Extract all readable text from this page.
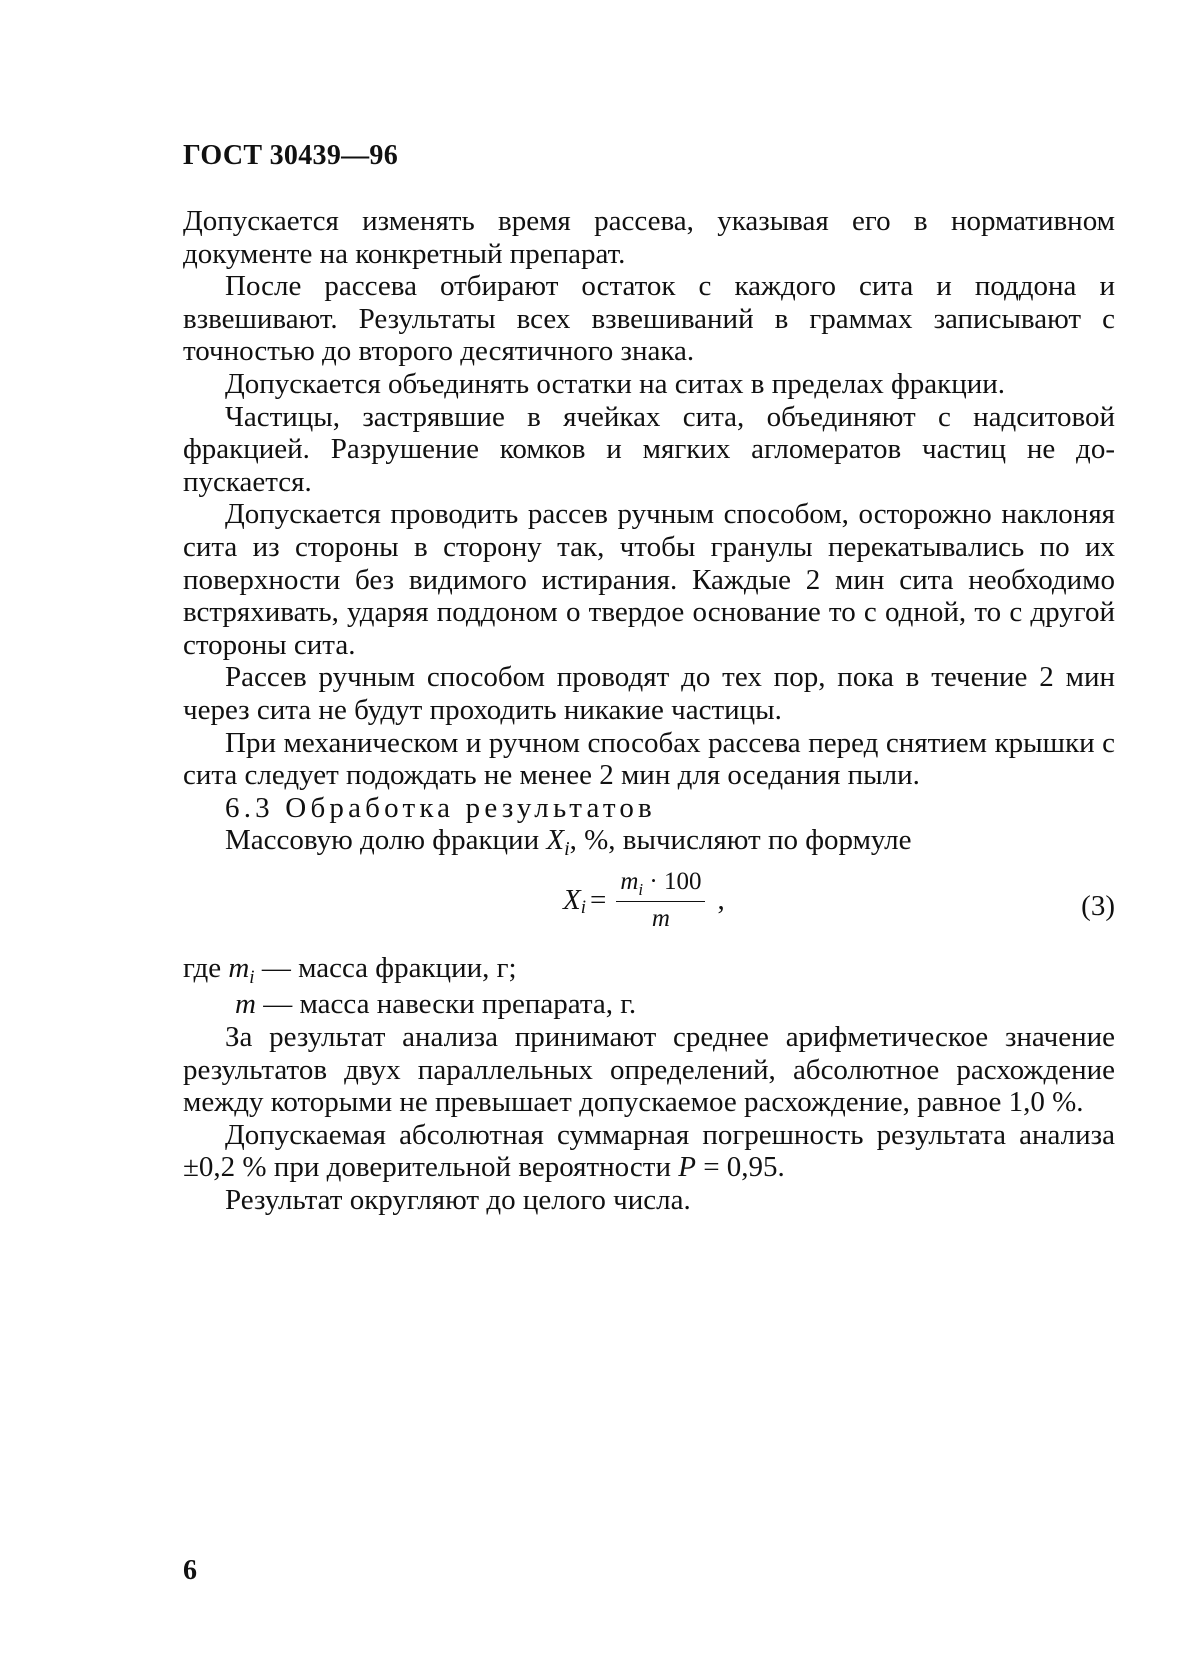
ГОСТ 30439—96

Допускается изменять время рассева, указывая его в нормативном документе на конкретный препарат.

После рассева отбирают остаток с каждого сита и поддона и взвешивают. Результаты всех взвешиваний в граммах записывают с точностью до второго десятичного знака.

Допускается объединять остатки на ситах в пределах фракции.

Частицы, застрявшие в ячейках сита, объединяют с надситовой фракцией. Разрушение комков и мягких агломератов частиц не допускается.

Допускается проводить рассев ручным способом, осторожно наклоняя сита из стороны в сторону так, чтобы гранулы перекатывались по их поверхности без видимого истирания. Каждые 2 мин сита необходимо встряхивать, ударяя поддоном о твердое основание то с одной, то с другой стороны сита.

Рассев ручным способом проводят до тех пор, пока в течение 2 мин через сита не будут проходить никакие частицы.

При механическом и ручном способах рассева перед снятием крышки с сита следует подождать не менее 2 мин для оседания пыли.

6.3 Обработка результатов

Массовую долю фракции $X_i$, %, вычисляют по формуле

X $i = \frac{m_i \cdot 100}{m}$ ,	(3)

где $m_i$ — масса фракции, г;

m — масса навески препарата, г.

За результат анализа принимают среднее арифметическое значение результатов двух параллельных определений, абсолютное расхождение между которыми не превышает допускаемое расхождение, равное 1,0 %.

Допускаемая абсолютная суммарная погрешность результата анализа ±0,2 % при доверительной вероятности P = 0,95.

Результат округляют до целого числа.

6
